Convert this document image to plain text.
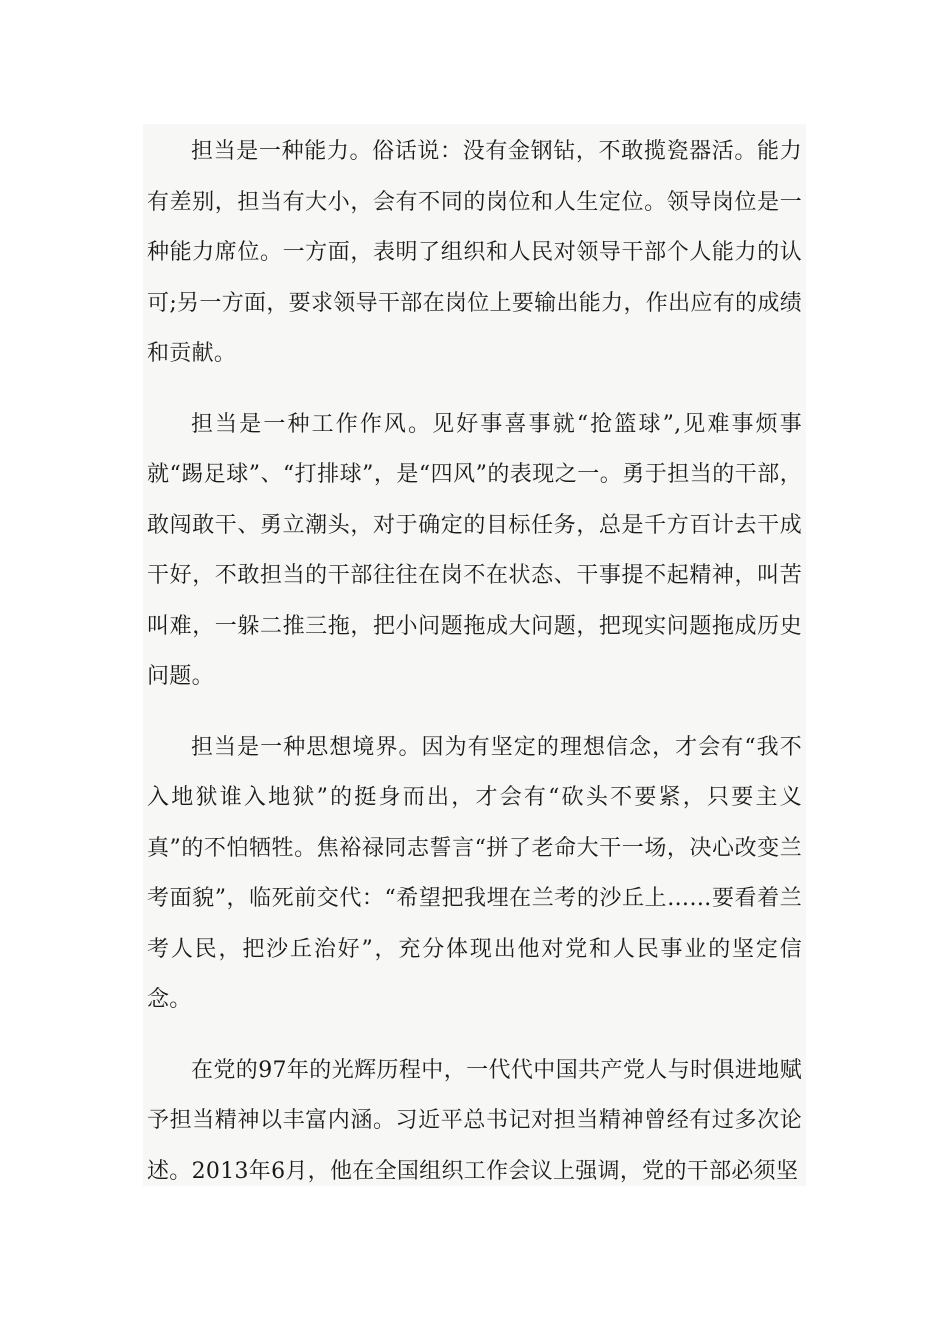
担当是一种能力。俗话说：没有金钢钻，不敢揽瓷器活。能力有差别，担当有大小，会有不同的岗位和人生定位。领导岗位是一种能力席位。一方面，表明了组织和人民对领导干部个人能力的认可;另一方面，要求领导干部在岗位上要输出能力，作出应有的成绩和贡献。

担当是一种工作作风。见好事喜事就“抢篮球”,见难事烦事就“踢足球”、“打排球”，是“四风”的表现之一。勇于担当的干部，敢闯敢干、勇立潮头，对于确定的目标任务，总是千方百计去干成干好，不敢担当的干部往往在岗不在状态、干事提不起精神，叫苦叫难，一躲二推三拖，把小问题拖成大问题，把现实问题拖成历史问题。

担当是一种思想境界。因为有坚定的理想信念，才会有“我不入地狱谁入地狱”的挺身而出，才会有“砍头不要紧，只要主义真”的不怕牺牲。焦裕禄同志誓言“拼了老命大干一场，决心改变兰考面貌”，临死前交代：“希望把我埋在兰考的沙丘上……要看着兰考人民，把沙丘治好”，充分体现出他对党和人民事业的坚定信念。

在党的97年的光辉历程中，一代代中国共产党人与时俱进地赋予担当精神以丰富内涵。习近平总书记对担当精神曾经有过多次论述。2013年6月，他在全国组织工作会议上强调，党的干部必须坚
